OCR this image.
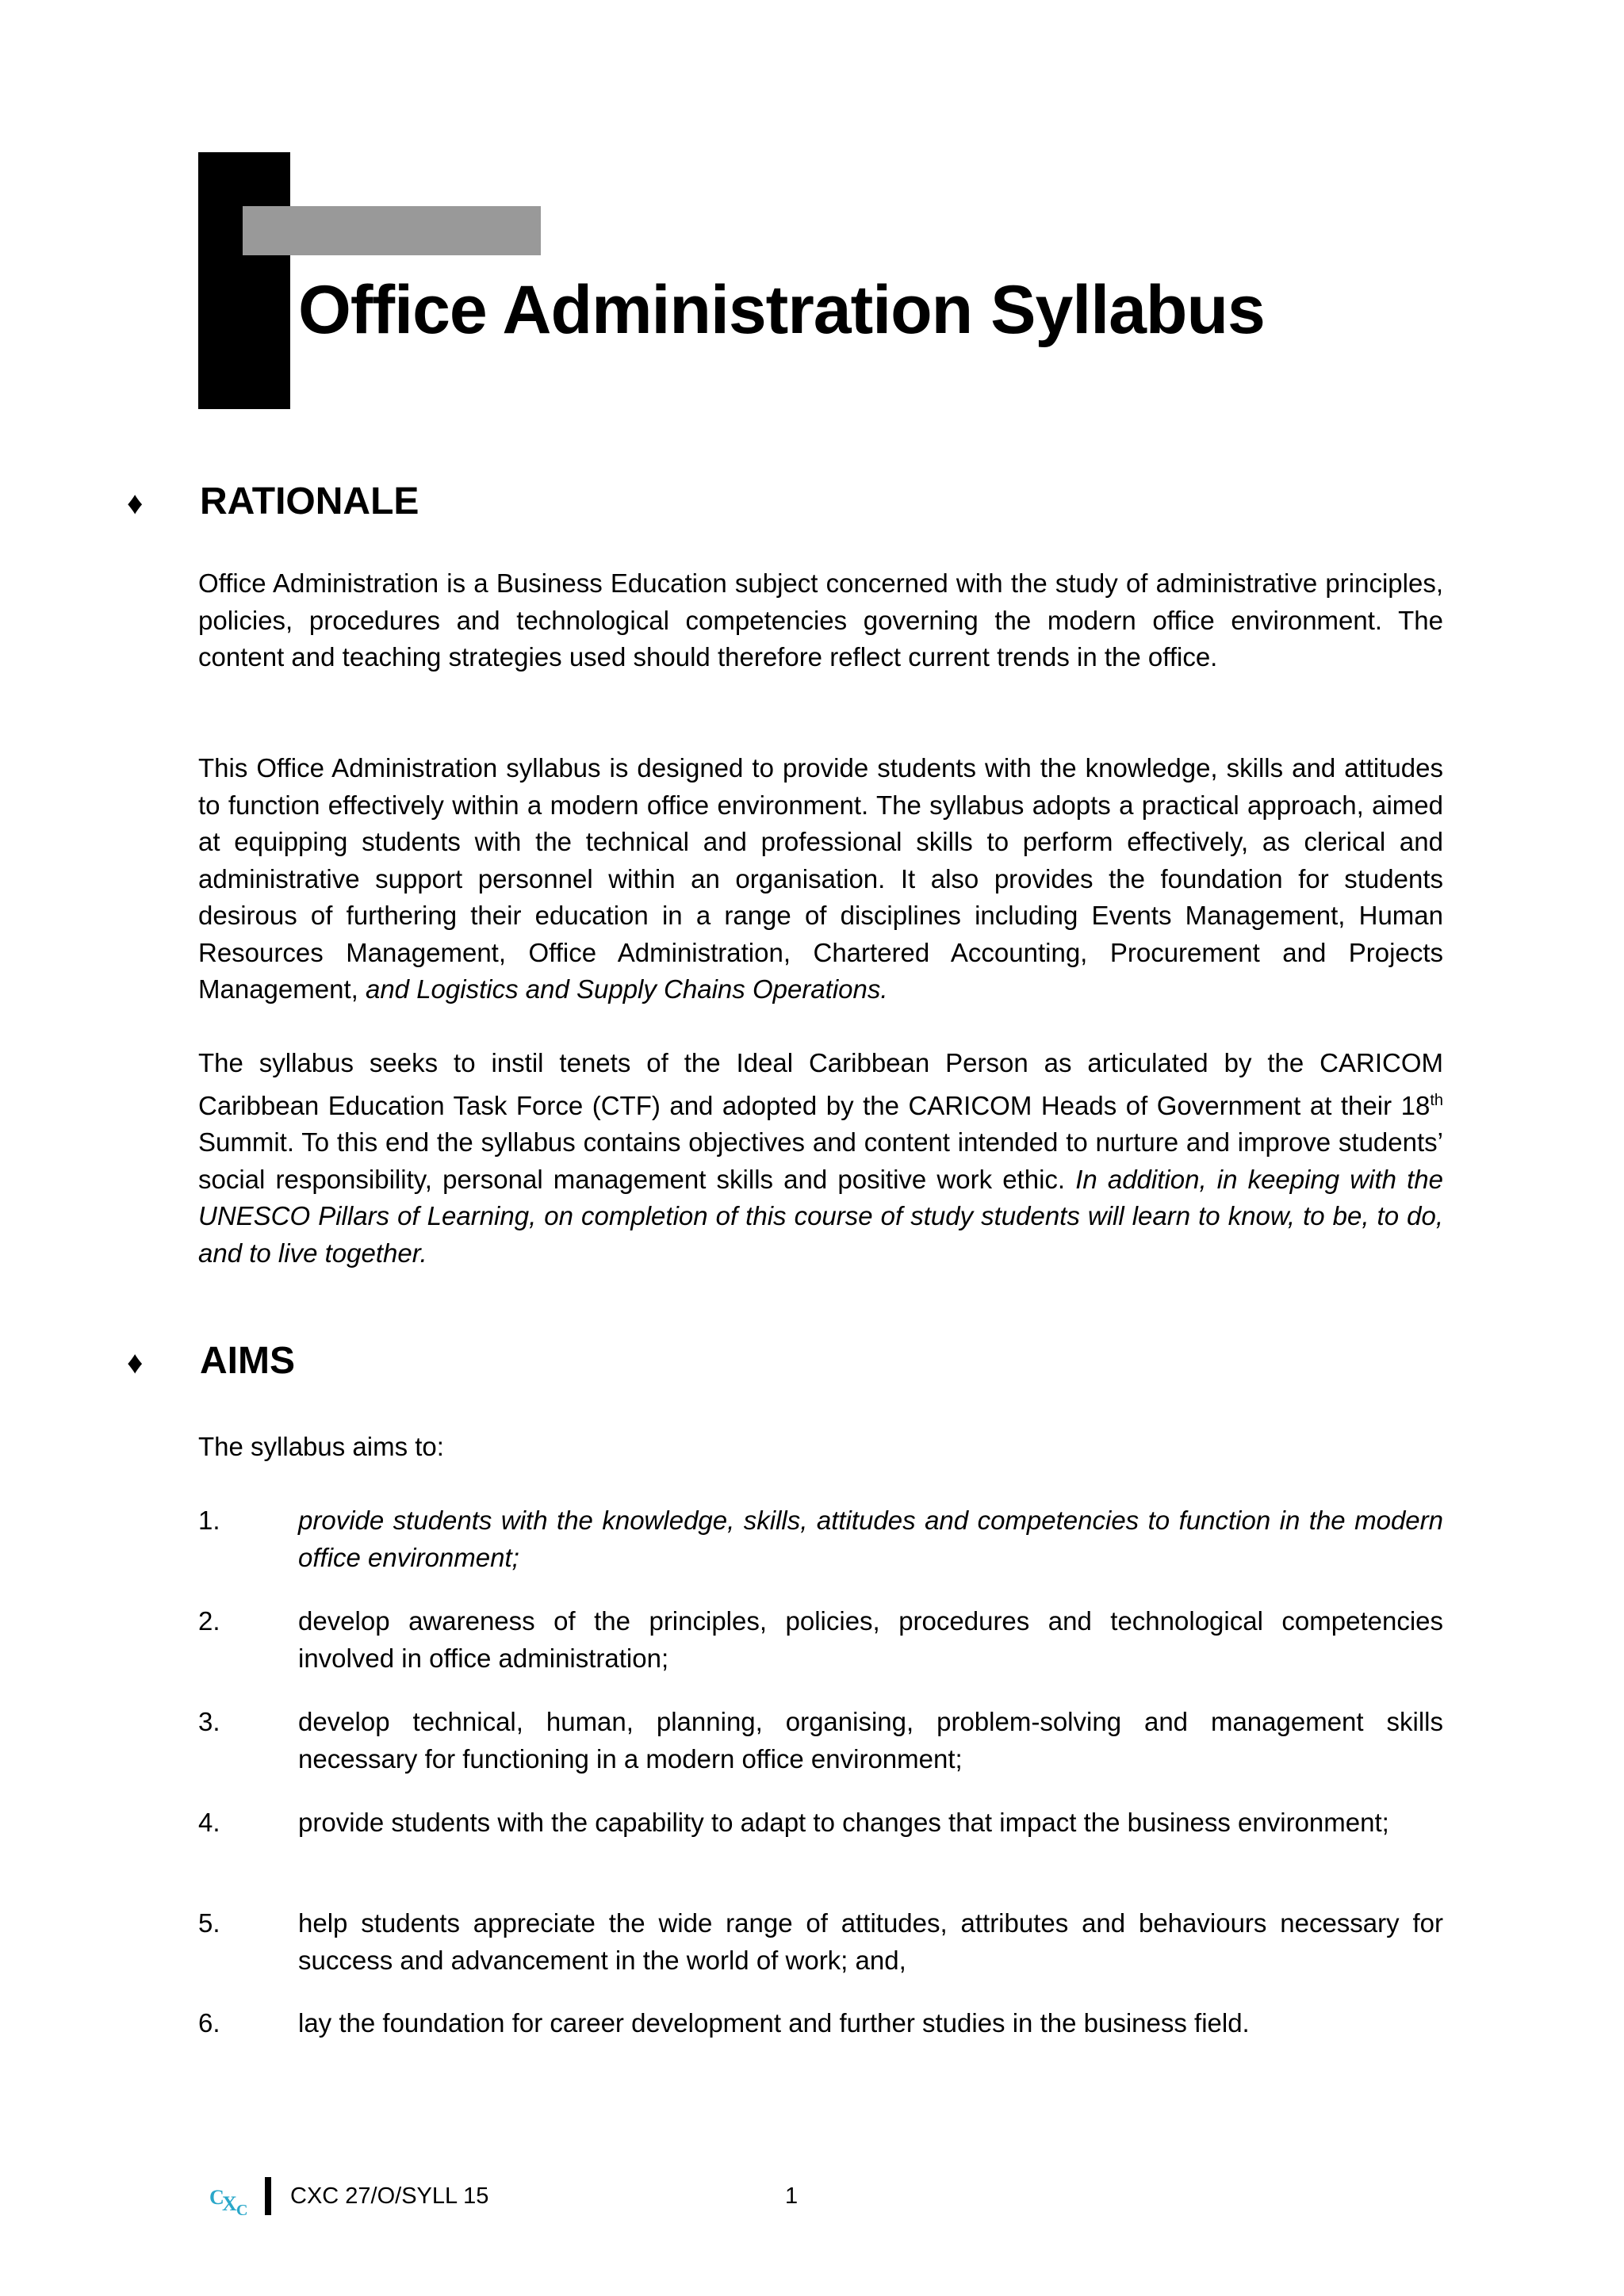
Office Administration Syllabus
♦ RATIONALE

Office Administration is a Business Education subject concerned with the study of administrative principles, policies, procedures and technological competencies governing the modern office environment. The content and teaching strategies used should therefore reflect current trends in the office.

This Office Administration syllabus is designed to provide students with the knowledge, skills and attitudes to function effectively within a modern office environment. The syllabus adopts a practical approach, aimed at equipping students with the technical and professional skills to perform effectively, as clerical and administrative support personnel within an organisation. It also provides the foundation for students desirous of furthering their education in a range of disciplines including Events Management, Human Resources Management, Office Administration, Chartered Accounting, Procurement and Projects Management, and Logistics and Supply Chains Operations.

The syllabus seeks to instil tenets of the Ideal Caribbean Person as articulated by the CARICOM Caribbean Education Task Force (CTF) and adopted by the CARICOM Heads of Government at their 18th Summit. To this end the syllabus contains objectives and content intended to nurture and improve students’ social responsibility, personal management skills and positive work ethic. In addition, in keeping with the UNESCO Pillars of Learning, on completion of this course of study students will learn to know, to be, to do, and to live together.

♦ AIMS

The syllabus aims to:

1.	provide students with the knowledge, skills, attitudes and competencies to function in the modern office environment;
2.	develop awareness of the principles, policies, procedures and technological competencies involved in office administration;
3.	develop technical, human, planning, organising, problem-solving and management skills necessary for functioning in a modern office environment;
4.	provide students with the capability to adapt to changes that impact the business environment;
5.	help students appreciate the wide range of attitudes, attributes and behaviours necessary for success and advancement in the world of work; and,
6.	lay the foundation for career development and further studies in the business field.
C
X C
CXC 27/O/SYLL 15	1
